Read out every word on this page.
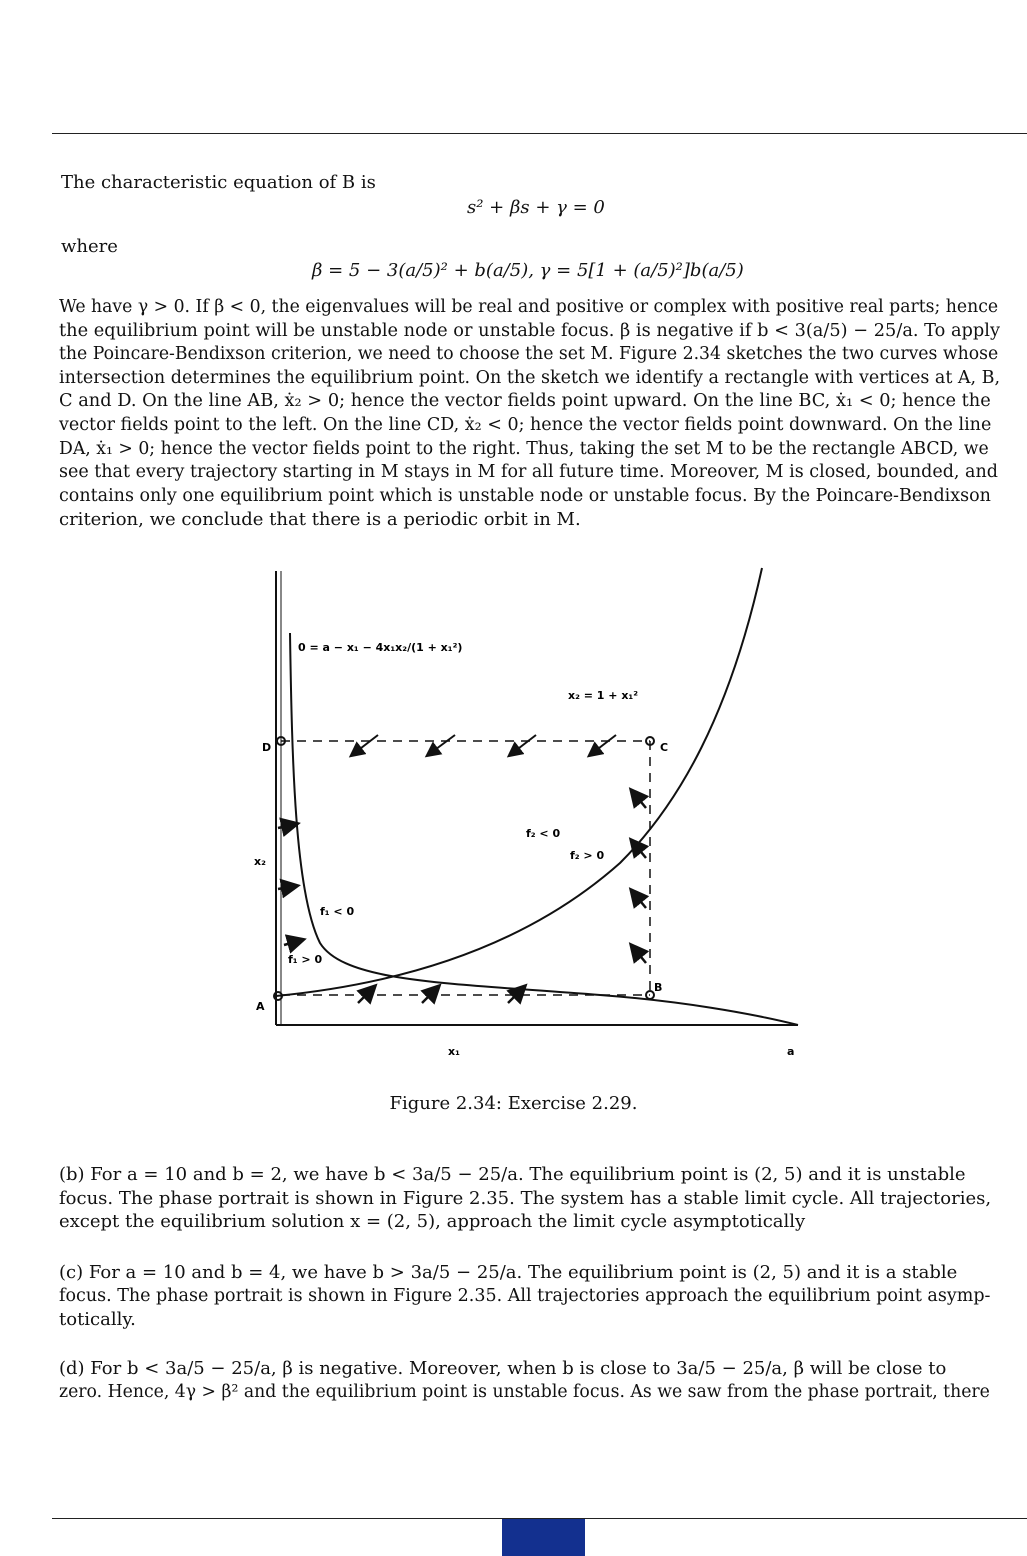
The characteristic equation of B is
s² + βs + γ = 0
where
β = 5 − 3(a/5)² + b(a/5), γ = 5[1 + (a/5)²]b(a/5)
We have γ > 0. If β < 0, the eigenvalues will be real and positive or complex with positive real parts; hence
the equilibrium point will be unstable node or unstable focus. β is negative if b < 3(a/5) − 25/a. To apply
the Poincare-Bendixson criterion, we need to choose the set M. Figure 2.34 sketches the two curves whose
intersection determines the equilibrium point. On the sketch we identify a rectangle with vertices at A, B,
C and D. On the line AB, ẋ₂ > 0; hence the vector fields point upward. On the line BC, ẋ₁ < 0; hence the
vector fields point to the left. On the line CD, ẋ₂ < 0; hence the vector fields point downward. On the line
DA, ẋ₁ > 0; hence the vector fields point to the right. Thus, taking the set M to be the rectangle ABCD, we
see that every trajectory starting in M stays in M for all future time. Moreover, M is closed, bounded, and
contains only one equilibrium point which is unstable node or unstable focus. By the Poincare-Bendixson
criterion, we conclude that there is a periodic orbit in M.
0 = a − x₁ − 4x₁x₂/(1 + x₁²)
x₂ = 1 + x₁²
D	C
B
A
f₂ < 0
f₂ > 0
f₁ < 0
f₁ > 0
x₂
x₁	a
Figure 2.34: Exercise 2.29.
(b) For a = 10 and b = 2, we have b < 3a/5 − 25/a. The equilibrium point is (2, 5) and it is unstable
focus. The phase portrait is shown in Figure 2.35. The system has a stable limit cycle. All trajectories,
except the equilibrium solution x = (2, 5), approach the limit cycle asymptotically
(c) For a = 10 and b = 4, we have b > 3a/5 − 25/a. The equilibrium point is (2, 5) and it is a stable
focus. The phase portrait is shown in Figure 2.35. All trajectories approach the equilibrium point asymp-
totically.
(d) For b < 3a/5 − 25/a, β is negative. Moreover, when b is close to 3a/5 − 25/a, β will be close to
zero. Hence, 4γ > β² and the equilibrium point is unstable focus. As we saw from the phase portrait, there
